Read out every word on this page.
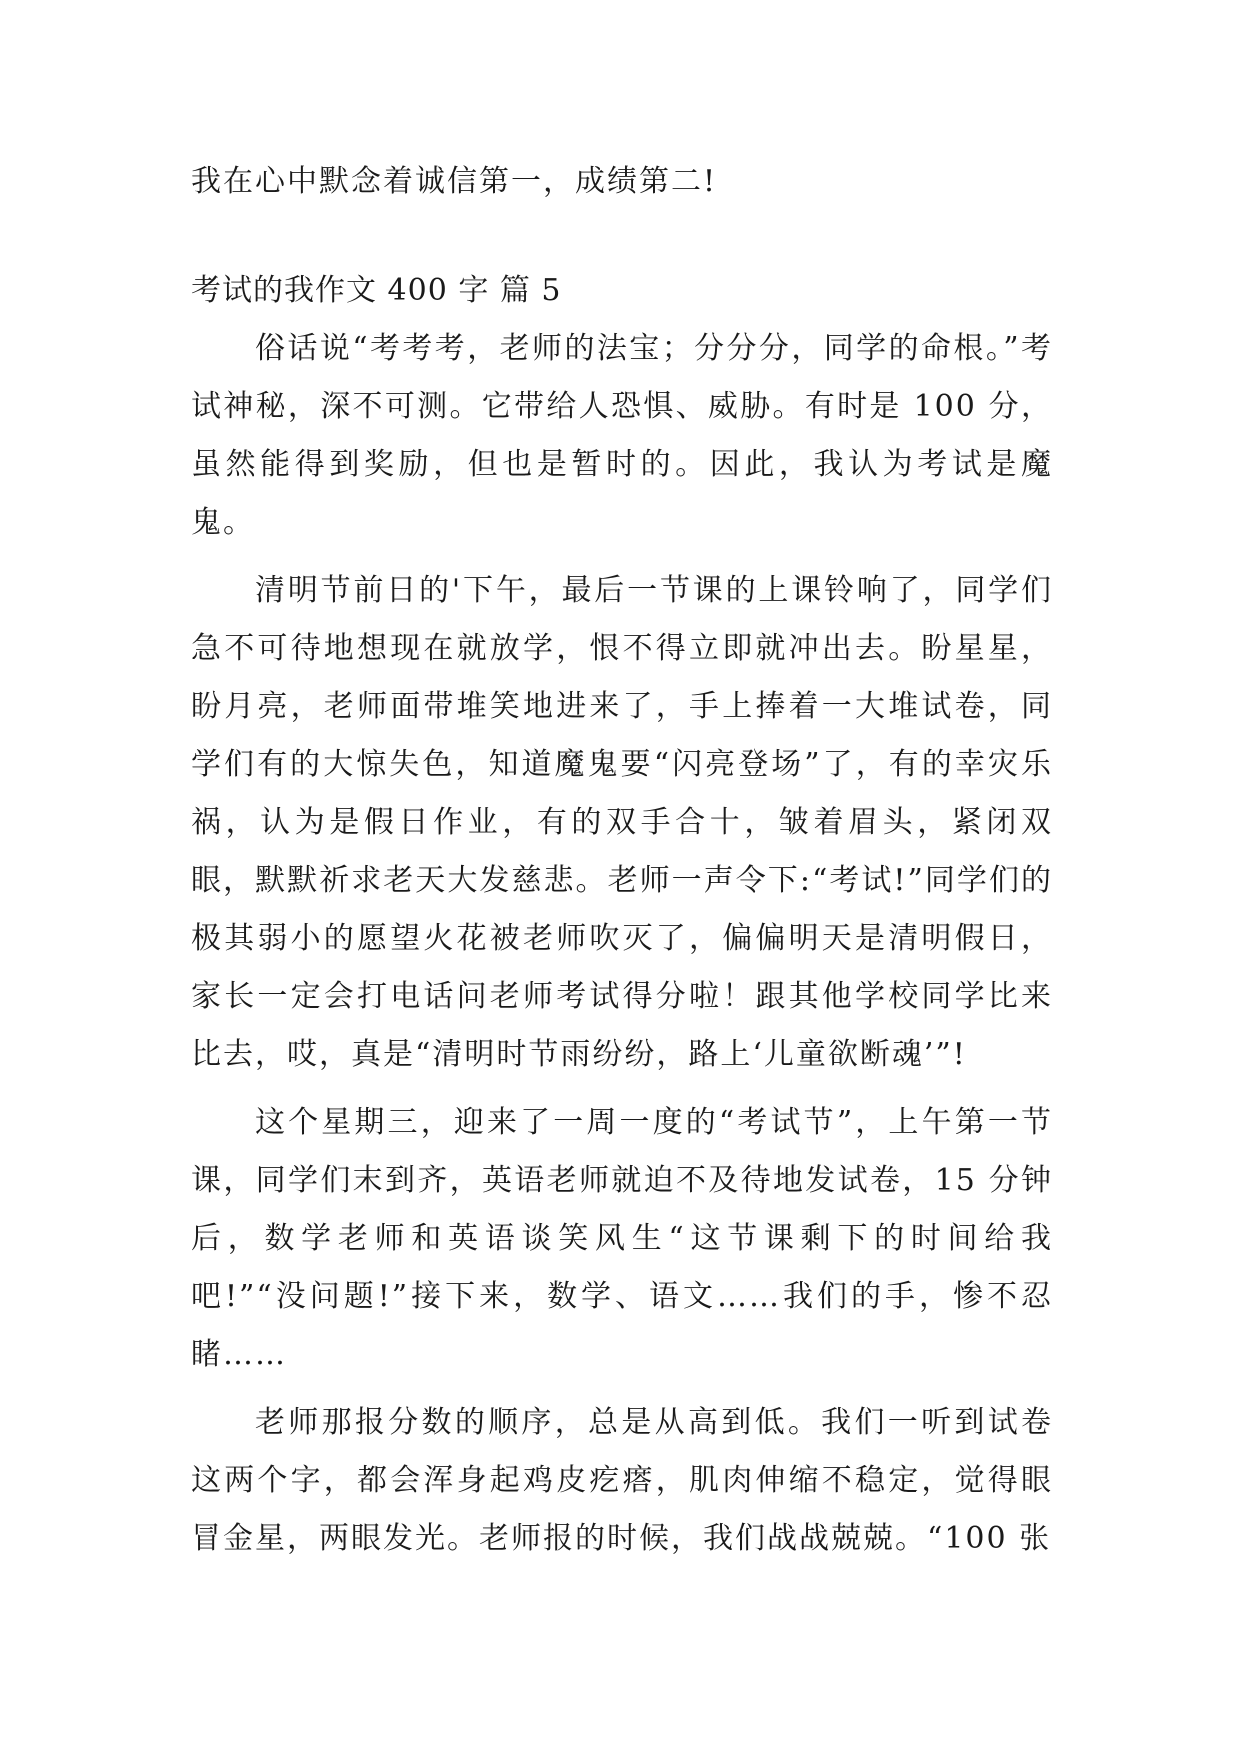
我在心中默念着诚信第一，成绩第二!

考试的我作文 400 字 篇 5

俗话说“考考考，老师的法宝；分分分，同学的命根。”考试神秘，深不可测。它带给人恐惧、威胁。有时是 100 分，虽然能得到奖励，但也是暂时的。因此，我认为考试是魔鬼。

清明节前日的'下午，最后一节课的上课铃响了，同学们急不可待地想现在就放学，恨不得立即就冲出去。盼星星，盼月亮，老师面带堆笑地进来了，手上捧着一大堆试卷，同学们有的大惊失色，知道魔鬼要“闪亮登场”了，有的幸灾乐祸，认为是假日作业，有的双手合十，皱着眉头，紧闭双眼，默默祈求老天大发慈悲。老师一声令下:“考试!”同学们的极其弱小的愿望火花被老师吹灭了，偏偏明天是清明假日，家长一定会打电话问老师考试得分啦！跟其他学校同学比来比去，哎，真是“清明时节雨纷纷，路上‘儿童欲断魂’”!

这个星期三，迎来了一周一度的“考试节”，上午第一节课，同学们末到齐，英语老师就迫不及待地发试卷，15 分钟后，数学老师和英语谈笑风生“这节课剩下的时间给我吧!”“没问题!”接下来，数学、语文……我们的手，惨不忍睹……

老师那报分数的顺序，总是从高到低。我们一听到试卷这两个字，都会浑身起鸡皮疙瘩，肌肉伸缩不稳定，觉得眼冒金星，两眼发光。老师报的时候，我们战战兢兢。“100 张
